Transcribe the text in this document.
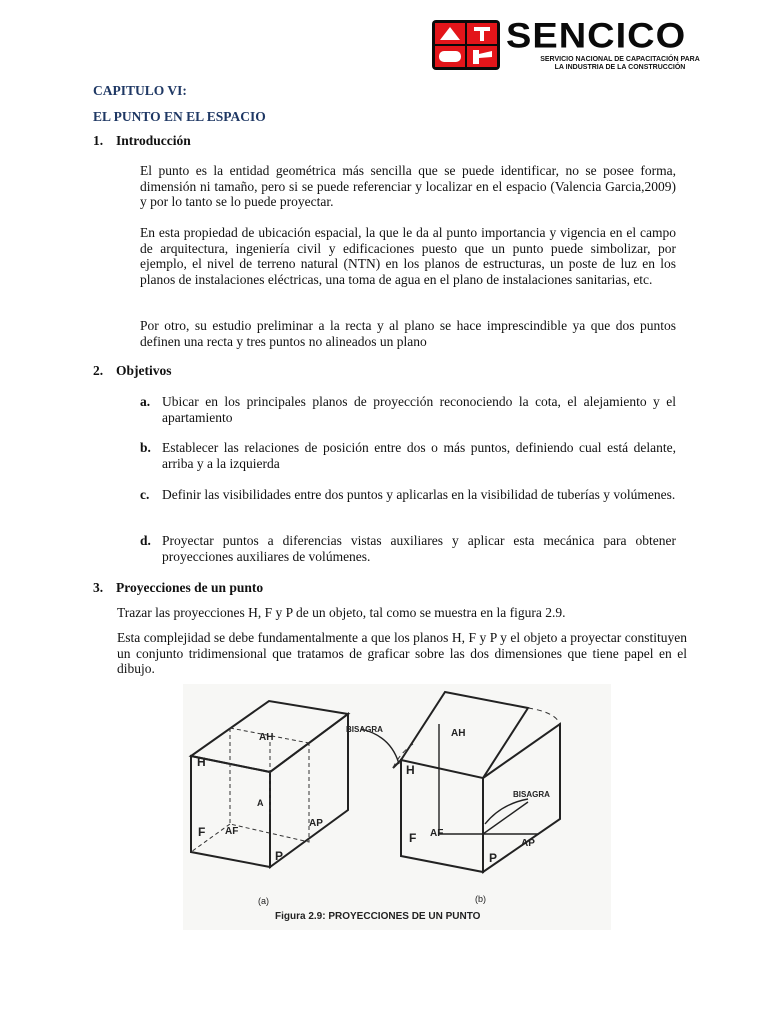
SENCICO
SERVICIO NACIONAL DE CAPACITACIÓN PARA
LA INDUSTRIA DE LA CONSTRUCCIÓN
CAPITULO VI:
EL PUNTO EN EL ESPACIO
1. Introducción
El punto es la entidad geométrica más sencilla que se puede identificar, no se posee forma, dimensión ni tamaño, pero si se puede referenciar y localizar en el espacio (Valencia Garcia,2009) y por lo tanto se lo puede proyectar.
En esta propiedad de ubicación espacial, la que le da al punto importancia y vigencia en el campo de arquitectura, ingeniería civil y edificaciones puesto que un punto puede simbolizar, por ejemplo, el nivel de terreno natural (NTN) en los planos de estructuras, un poste de luz en los planos de instalaciones eléctricas, una toma de agua en el plano de instalaciones sanitarias, etc.
Por otro, su estudio preliminar a la recta y al plano se hace imprescindible ya que dos puntos definen una recta y tres puntos no alineados un plano
2. Objetivos
a. Ubicar en los principales planos de proyección reconociendo la cota, el alejamiento y el apartamiento
b. Establecer las relaciones de posición entre dos o más puntos, definiendo cual está delante, arriba y a la izquierda
c. Definir las visibilidades entre dos puntos y aplicarlas en la visibilidad de tuberías y volúmenes.
d. Proyectar puntos a diferencias vistas auxiliares y aplicar esta mecánica para obtener proyecciones auxiliares de volúmenes.
3. Proyecciones de un punto
Trazar las proyecciones H, F y P de un objeto, tal como se muestra en la figura 2.9.
Esta complejidad se debe fundamentalmente a que los planos H, F y P y el objeto a proyectar constituyen un conjunto tridimensional que tratamos de graficar sobre las dos dimensiones que tiene papel en el dibujo.
H
F
P
AH
A
AF
AP
BISAGRA
BISAGRA
H
F
P
AH
AF
AP
(a)	(b)
Figura 2.9: PROYECCIONES DE UN PUNTO
